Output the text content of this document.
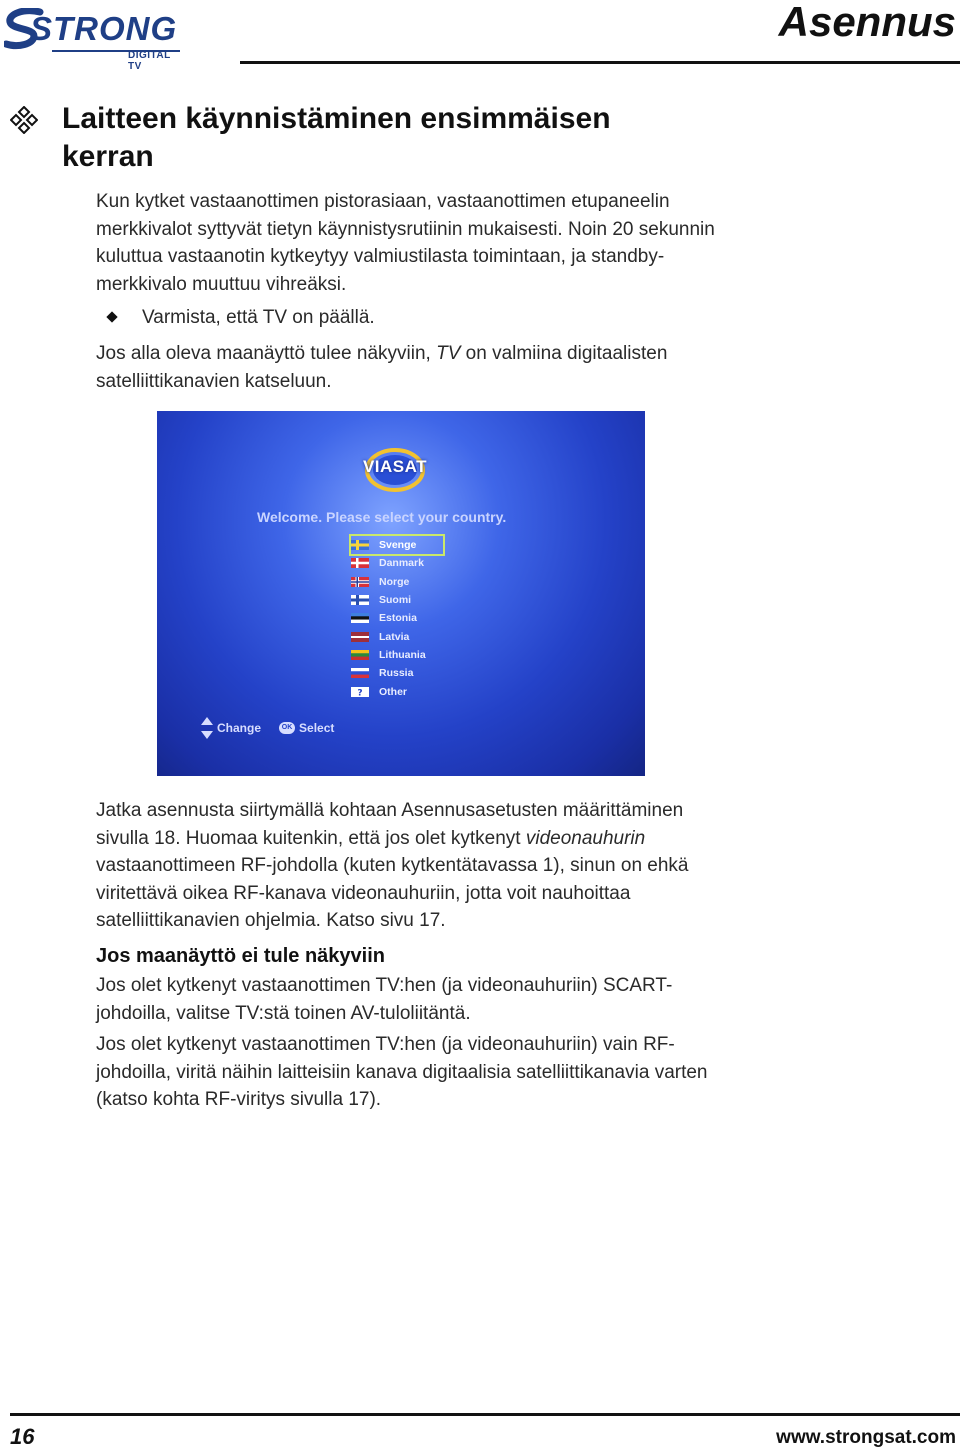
STRONG
DIGITAL TV
Asennus
Laitteen käynnistäminen ensimmäisen kerran

Kun kytket vastaanottimen pistorasiaan, vastaanottimen etupaneelin merkkivalot syttyvät tietyn käynnistysrutiinin mukaisesti. Noin 20 sekunnin kuluttua vastaanotin kytkeytyy valmiustilasta toimintaan, ja standby-merkkivalo muuttuu vihreäksi.

Varmista, että TV on päällä.

Jos alla oleva maanäyttö tulee näkyviin, TV on valmiina digitaalisten satelliittikanavien katseluun.

VIASAT
Welcome. Please select your country.
Svenge
Danmark
Norge
Suomi
Estonia
Latvia
Lithuania
Russia
? Other
Change	OK Select

Jatka asennusta siirtymällä kohtaan Asennusasetusten määrittäminen sivulla 18. Huomaa kuitenkin, että jos olet kytkenyt videonauhurin vastaanottimeen RF-johdolla (kuten kytkentätavassa 1), sinun on ehkä viritettävä oikea RF-kanava videonauhuriin, jotta voit nauhoittaa satelliittikanavien ohjelmia. Katso sivu 17.

Jos maanäyttö ei tule näkyviin

Jos olet kytkenyt vastaanottimen TV:hen (ja videonauhuriin) SCART-johdoilla, valitse TV:stä toinen AV-tuloliitäntä.

Jos olet kytkenyt vastaanottimen TV:hen (ja videonauhuriin) vain RF-johdoilla, viritä näihin laitteisiin kanava digitaalisia satelliittikanavia varten (katso kohta RF-viritys sivulla 17).

16	www.strongsat.com
